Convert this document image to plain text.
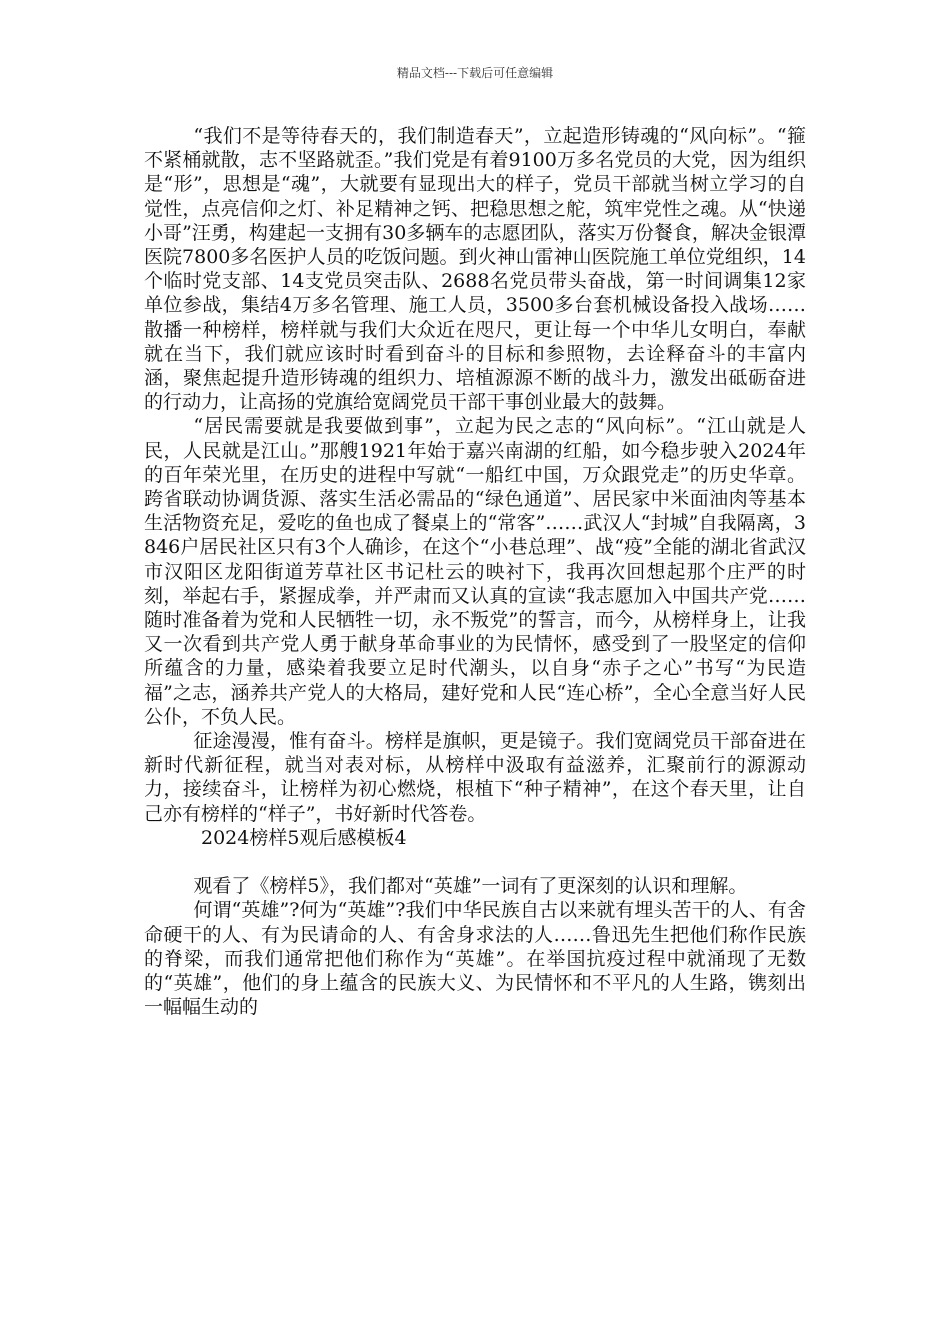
精品文档---下载后可任意编辑

“我们不是等待春天的，我们制造春天”，立起造形铸魂的“风向标”。“箍不紧桶就散，志不坚路就歪。”我们党是有着9100万多名党员的大党，因为组织是“形”，思想是“魂”，大就要有显现出大的样子，党员干部就当树立学习的自觉性，点亮信仰之灯、补足精神之钙、把稳思想之舵，筑牢党性之魂。从“快递小哥”汪勇，构建起一支拥有30多辆车的志愿团队，落实万份餐食，解决金银潭医院7800多名医护人员的吃饭问题。到火神山雷神山医院施工单位党组织，14个临时党支部、14支党员突击队、2688名党员带头奋战，第一时间调集12家单位参战，集结4万多名管理、施工人员，3500多台套机械设备投入战场……散播一种榜样，榜样就与我们大众近在咫尺，更让每一个中华儿女明白，奉献就在当下，我们就应该时时看到奋斗的目标和参照物，去诠释奋斗的丰富内涵，聚焦起提升造形铸魂的组织力、培植源源不断的战斗力，激发出砥砺奋进的行动力，让高扬的党旗给宽阔党员干部干事创业最大的鼓舞。

“居民需要就是我要做到事”，立起为民之志的“风向标”。“江山就是人民，人民就是江山。”那艘1921年始于嘉兴南湖的红船，如今稳步驶入2024年的百年荣光里，在历史的进程中写就“一船红中国，万众跟党走”的历史华章。跨省联动协调货源、落实生活必需品的“绿色通道”、居民家中米面油肉等基本生活物资充足，爱吃的鱼也成了餐桌上的“常客”……武汉人“封城”自我隔离，3846户居民社区只有3个人确诊，在这个“小巷总理”、战“疫”全能的湖北省武汉市汉阳区龙阳街道芳草社区书记杜云的映衬下，我再次回想起那个庄严的时刻，举起右手，紧握成拳，并严肃而又认真的宣读“我志愿加入中国共产党……随时准备着为党和人民牺牲一切，永不叛党”的誓言，而今，从榜样身上，让我又一次看到共产党人勇于献身革命事业的为民情怀，感受到了一股坚定的信仰所蕴含的力量，感染着我要立足时代潮头，以自身“赤子之心”书写“为民造福”之志，涵养共产党人的大格局，建好党和人民“连心桥”，全心全意当好人民公仆，不负人民。

征途漫漫，惟有奋斗。榜样是旗帜，更是镜子。我们宽阔党员干部奋进在新时代新征程，就当对表对标，从榜样中汲取有益滋养，汇聚前行的源源动力，接续奋斗，让榜样为初心燃烧，根植下“种子精神”，在这个春天里，让自己亦有榜样的“样子”，书好新时代答卷。

2024榜样5观后感模板4

观看了《榜样5》，我们都对“英雄”一词有了更深刻的认识和理解。

何谓“英雄”?何为“英雄”?我们中华民族自古以来就有埋头苦干的人、有舍命硬干的人、有为民请命的人、有舍身求法的人……鲁迅先生把他们称作民族的脊梁，而我们通常把他们称作为“英雄”。在举国抗疫过程中就涌现了无数的“英雄”，他们的身上蕴含的民族大义、为民情怀和不平凡的人生路，镌刻出一幅幅生动的
